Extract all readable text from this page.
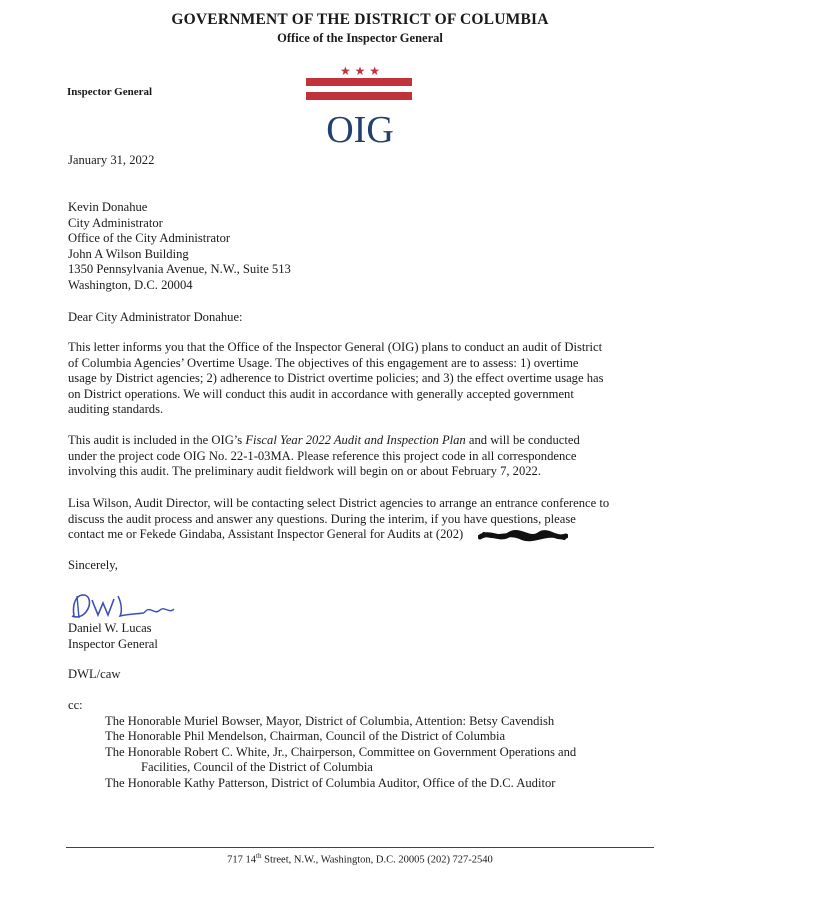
GOVERNMENT OF THE DISTRICT OF COLUMBIA
Office of the Inspector General
Inspector General
★ ★ ★
OIG
January 31, 2022
Kevin Donahue
City Administrator
Office of the City Administrator
John A Wilson Building
1350 Pennsylvania Avenue, N.W., Suite 513
Washington, D.C. 20004
Dear City Administrator Donahue:
This letter informs you that the Office of the Inspector General (OIG) plans to conduct an audit of District
of Columbia Agencies’ Overtime Usage. The objectives of this engagement are to assess: 1) overtime
usage by District agencies; 2) adherence to District overtime policies; and 3) the effect overtime usage has
on District operations. We will conduct this audit in accordance with generally accepted government
auditing standards.
This audit is included in the OIG’s Fiscal Year 2022 Audit and Inspection Plan and will be conducted
under the project code OIG No. 22-1-03MA. Please reference this project code in all correspondence
involving this audit. The preliminary audit fieldwork will begin on or about February 7, 2022.
Lisa Wilson, Audit Director, will be contacting select District agencies to arrange an entrance conference to
discuss the audit process and answer any questions. During the interim, if you have questions, please
contact me or Fekede Gindaba, Assistant Inspector General for Audits at (202)
Sincerely,
Daniel W. Lucas
Inspector General
DWL/caw
cc:
The Honorable Muriel Bowser, Mayor, District of Columbia, Attention: Betsy Cavendish
The Honorable Phil Mendelson, Chairman, Council of the District of Columbia
The Honorable Robert C. White, Jr., Chairperson, Committee on Government Operations and
Facilities, Council of the District of Columbia
The Honorable Kathy Patterson, District of Columbia Auditor, Office of the D.C. Auditor
717 14th Street, N.W., Washington, D.C. 20005 (202) 727-2540
